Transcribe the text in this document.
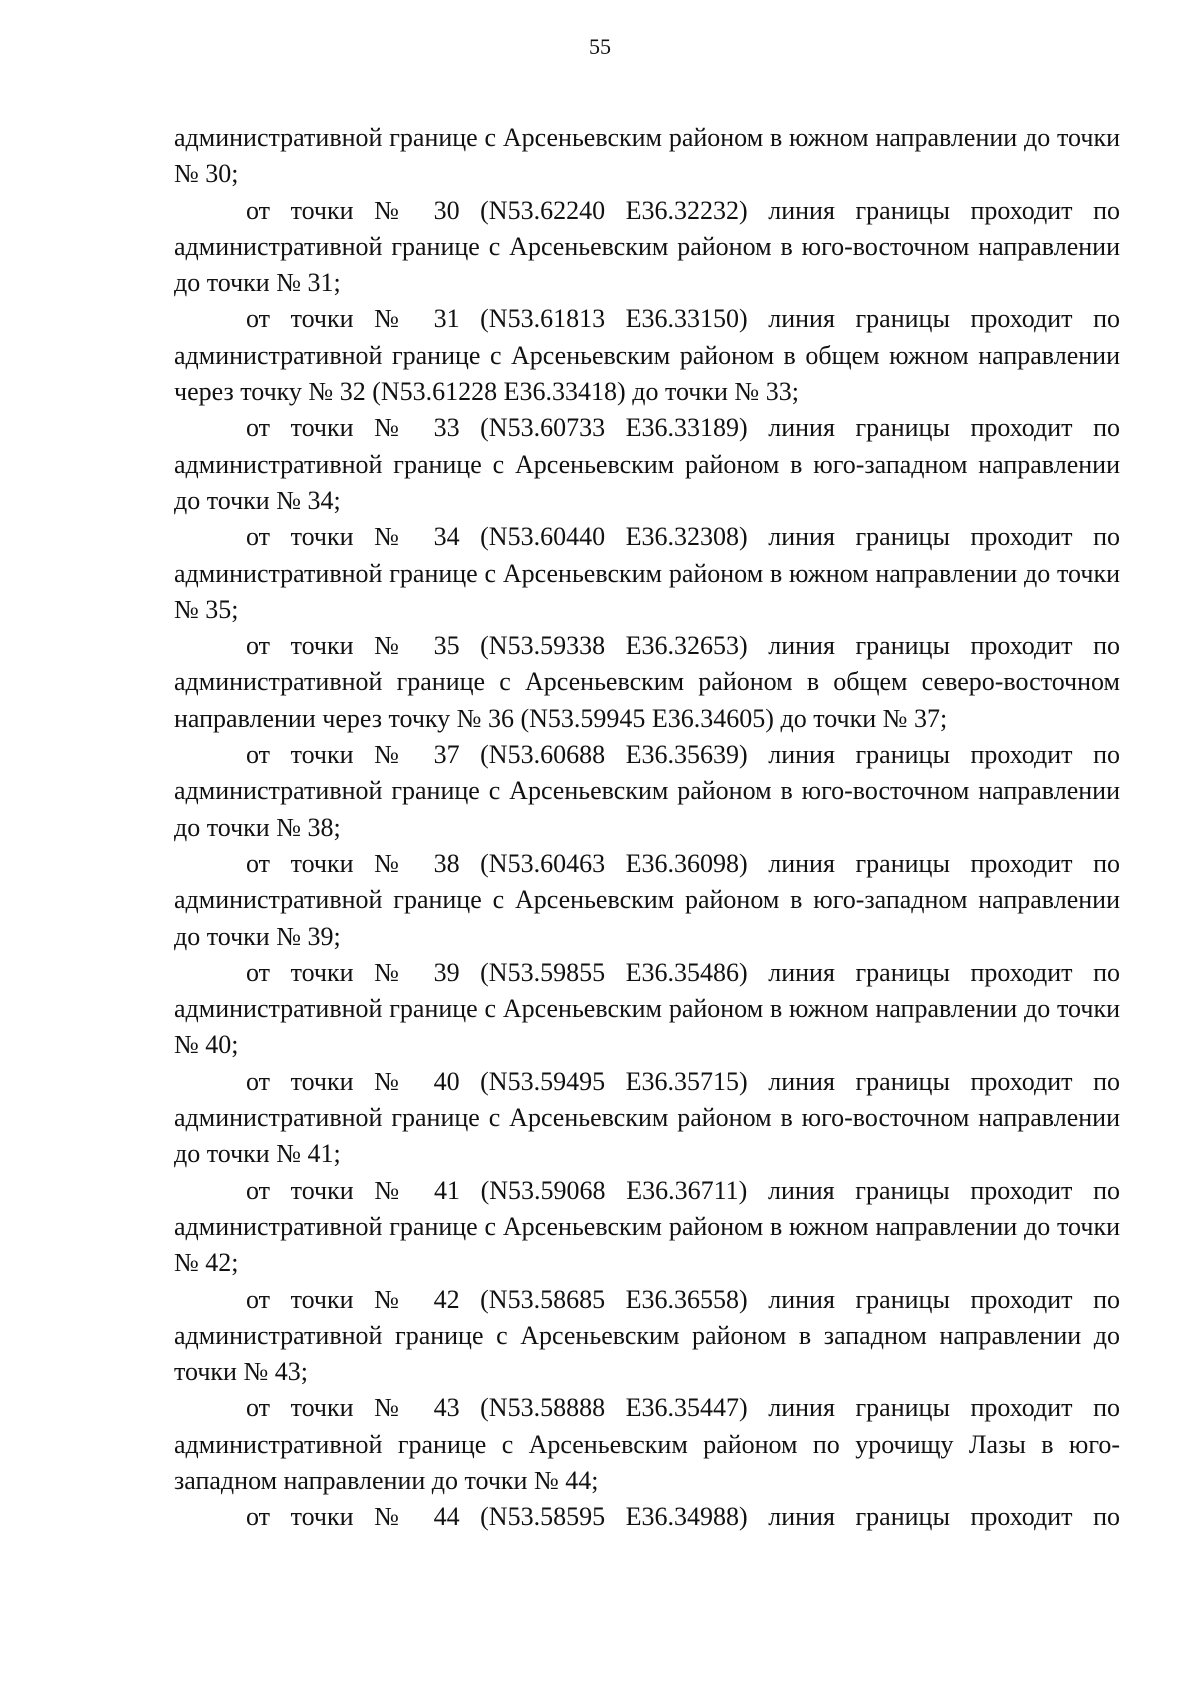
55

административной границе с Арсеньевским районом в южном направлении до точки № 30;

от точки № 30 (N53.62240 E36.32232) линия границы проходит по административной границе с Арсеньевским районом в юго-восточном направлении до точки № 31;

от точки № 31 (N53.61813 E36.33150) линия границы проходит по административной границе с Арсеньевским районом в общем южном направлении через точку № 32 (N53.61228 E36.33418) до точки № 33;

от точки № 33 (N53.60733 E36.33189) линия границы проходит по административной границе с Арсеньевским районом в юго-западном направлении до точки № 34;

от точки № 34 (N53.60440 E36.32308) линия границы проходит по административной границе с Арсеньевским районом в южном направлении до точки № 35;

от точки № 35 (N53.59338 E36.32653) линия границы проходит по административной границе с Арсеньевским районом в общем северо-восточном направлении через точку № 36 (N53.59945 E36.34605) до точки № 37;

от точки № 37 (N53.60688 E36.35639) линия границы проходит по административной границе с Арсеньевским районом в юго-восточном направлении до точки № 38;

от точки № 38 (N53.60463 E36.36098) линия границы проходит по административной границе с Арсеньевским районом в юго-западном направлении до точки № 39;

от точки № 39 (N53.59855 E36.35486) линия границы проходит по административной границе с Арсеньевским районом в южном направлении до точки № 40;

от точки № 40 (N53.59495 E36.35715) линия границы проходит по административной границе с Арсеньевским районом в юго-восточном направлении до точки № 41;

от точки № 41 (N53.59068 E36.36711) линия границы проходит по административной границе с Арсеньевским районом в южном направлении до точки № 42;

от точки № 42 (N53.58685 E36.36558) линия границы проходит по административной границе с Арсеньевским районом в западном направлении до точки № 43;

от точки № 43 (N53.58888 E36.35447) линия границы проходит по административной границе с Арсеньевским районом по урочищу Лазы в юго-западном направлении до точки № 44;

от точки № 44 (N53.58595 E36.34988) линия границы проходит по
